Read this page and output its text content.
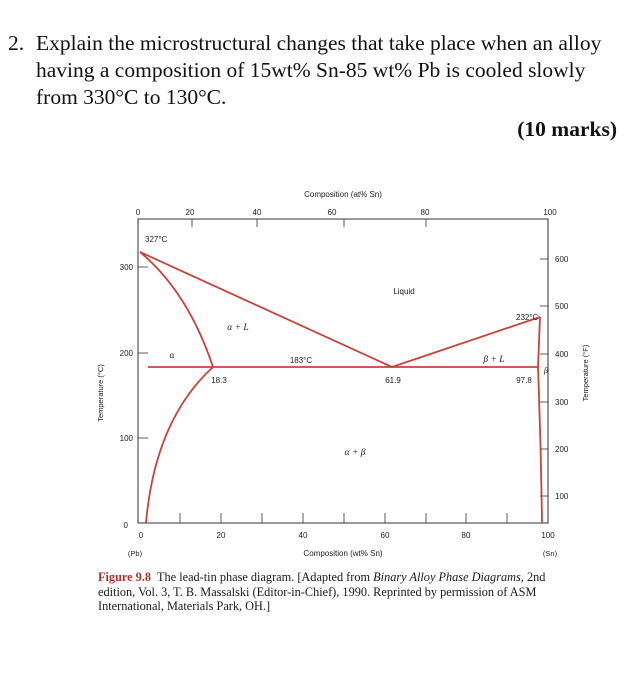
2. Explain the microstructural changes that take place when an alloy having a composition of 15wt% Sn-85 wt% Pb is cooled slowly from 330°C to 130°C.
(10 marks)
Composition (at% Sn)
0	20	40	60	80	100
300
200
100
0
Temperature (°C)
600
500
400
300
200
100
Temperature (°F)
0	20	40	60	80	100
(Pb)	(Sn)
Composition (wt% Sn)
Liquid
α + L
β + L
α + β
α
β
327°C
232°C
183°C
18.3	61.9	97.8
Figure 9.8 The lead-tin phase diagram. [Adapted from Binary Alloy Phase Diagrams, 2nd edition, Vol. 3, T. B. Massalski (Editor-in-Chief), 1990. Reprinted by permission of ASM International, Materials Park, OH.]
